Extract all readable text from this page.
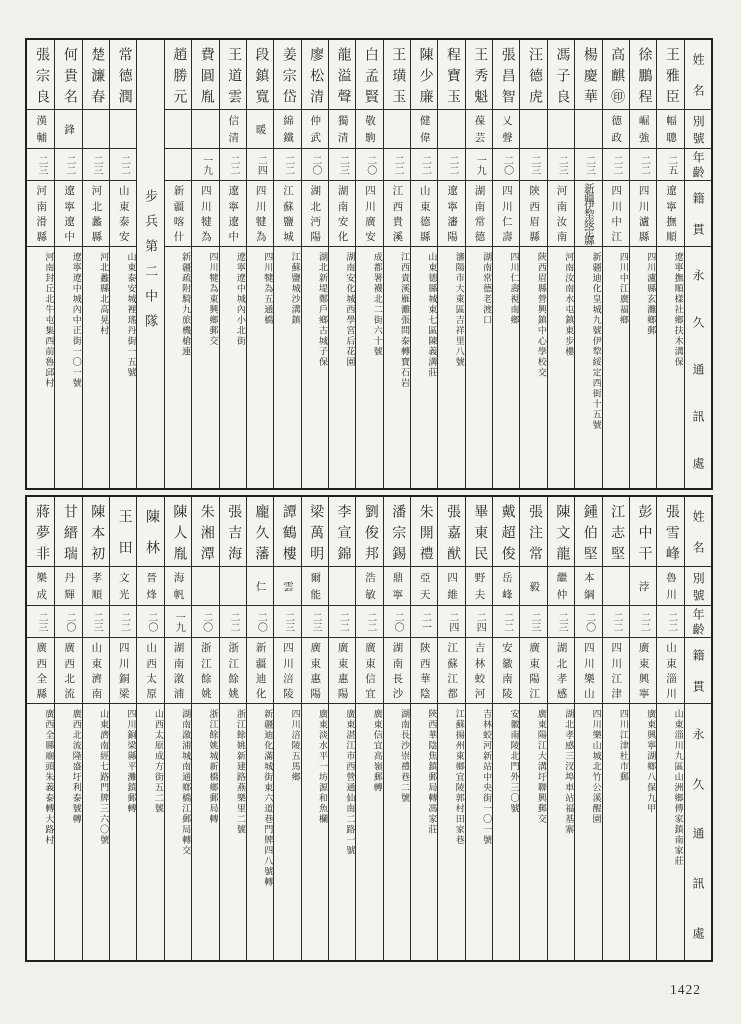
姓
名
別
號
年
齡
籍
貫
永
久
通
訊
處
王
雅
臣
幅
聰
二五
遼
寧
撫
順
遼寧撫順樣社鄉扶木溝保
徐
鵬
程
崛
強
二二
四
川
瀘
縣
四川瀘縣玄灘鄉郵
高
麒
㊞
德
政
二二
四
川
中
江
四川中江廣福鄉
楊
慶
華
二三
新
疆
伊
犂
綏
定
縣
新疆迪化皇城九號伊犂綏定西街十五號
馮
子
良
二三
河
南
汝
南
河南汝南水屯鎮東步樓
汪
德
虎
二三
陝
西
眉
縣
陝西眉縣營興鎮中心學校交
張
昌
智
乂
聲
二〇
四
川
仁
壽
四川仁壽視南鄉
王
秀
魁
葆
芸
一九
湖
南
常
德
湖南常德老渡口
程
寶
玉
二二
遼
寧
瀋
陽
瀋陽市大東區吉祥里八號
陳
少
廉
健
偉
二二
山
東
德
縣
山東德縣城東七區陳義溝莊
王
璜
玉
二二
江
西
貴
溪
江西貴溪雁灘張問泰轉寶石岩
白
孟
賢
敬
駒
二〇
四
川
廣
安
成都署襪北二街六十號
龍
溢
聲
獨
清
二三
湖
南
安
化
湖南安化城西學宮后花園
廖
松
清
仲
武
二〇
湖
北
沔
陽
湖北新堤鄭戶鄉古城子保
姜
宗
岱
綿
鐵
二二
江
蘇
鹽
城
江蘇鹽城沙溝鎮
段
鎮
寬
暖
二四
四
川
犍
為
四川犍為五通橋
王
道
雲
信
清
二二
遼
寧
遼
中
遼寧遼中城內小北街
費
圓
胤
一九
四
川
犍
為
四川犍為東興鄉郵交
趙
勝
元
新
疆
喀
什
新疆疏附騎九旅機槍連
步兵第二中隊
常
德
潤
二二
山
東
泰
安
山東泰安城裡瑤丹街一五號
楚
濂
春
二三
河
北
蠡
縣
河北蠡縣北高晃村
何
貴
名
鋒
二二
遼
寧
遼
中
遼寧遼中城內中正街一〇一號
張
宗
良
漢
輔
二三
河
南
滑
縣
河南封丘北牛屯集西前魯邱村
姓
名
別
號
年
齡
籍
貫
永
久
通
訊
處
張
雪
峰
魯
川
二二
山
東
淄
川
山東淄川九區山洲鄉傅家鎮南家莊
彭
中
干
浡
二二
廣
東
興
寧
廣東興寧湖鄉八保九甲
江
志
堅
二二
四
川
江
津
四川江津杜市郵
鍾
伯
堅
本
綱
二〇
四
川
樂
山
四川樂山城北竹公溪醒園
陳
文
龍
繼
仲
二三
湖
北
孝
感
湖北孝感三汊埠車站福基寨
張
注
常
毅
二三
廣
東
陽
江
廣東陽江大溝圩聯興郵交
戴
超
俊
岳
峰
二二
安
徽
南
陵
安徽南陵北門外三〇號
畢
東
民
野
夫
二四
吉
林
蛟
河
吉林蛟河新站中央街一〇一號
張
嘉
猷
四
維
二四
江
蘇
江
都
江蘇揚州東鄉宜陵郭村田家巷
朱
開
禮
亞
天
二一
陝
西
華
陰
陝西華陰焦鎮郵局轉馮家莊
潘
宗
錫
鼎
寧
二〇
湖
南
長
沙
湖南長沙崇禮巷二號
劉
俊
邦
浩
敏
二二
廣
東
信
宜
廣東信宜高嶺郵轉
李
宣
錦
二二
廣
東
惠
陽
廣東湛江市西營通仙南二路一號
梁
萬
明
爾
能
二三
廣
東
惠
陽
廣東淡水平一坊源和魚欄
譚
鶴
樓
雲
二三
四
川
涪
陵
四川涪陵五馬鄉
龐
久
藩
仁
二〇
新
疆
迪
化
新疆迪化滿城街東六道巷門牌四八號轉
張
吉
海
二二
浙
江
餘
姚
浙江餘姚新建路燕樂里二號
朱
湘
潭
二〇
浙
江
餘
姚
浙江餘姚城新橋鄉郵局轉
陳
人
胤
海
帆
一九
湖
南
漵
浦
湖南漵浦城南通鄉橋江郵局轉交
陳
林
晉
烽
二〇
山
西
太
原
山西太原成方街五二號
王
田
文
光
二二
四
川
銅
梁
四川銅梁縣平灘鎮郵轉
陳
本
初
孝
順
二三
山
東
濟
南
山東濟南經七路門牌三六〇號
甘
縉
瑞
丹
輝
二〇
廣
西
北
流
廣西北流隆盛圩利泰號轉
蔣
夢
非
樂
成
二三
廣
西
全
縣
廣西全縣廟頭朱義泰轉大路村
1422
